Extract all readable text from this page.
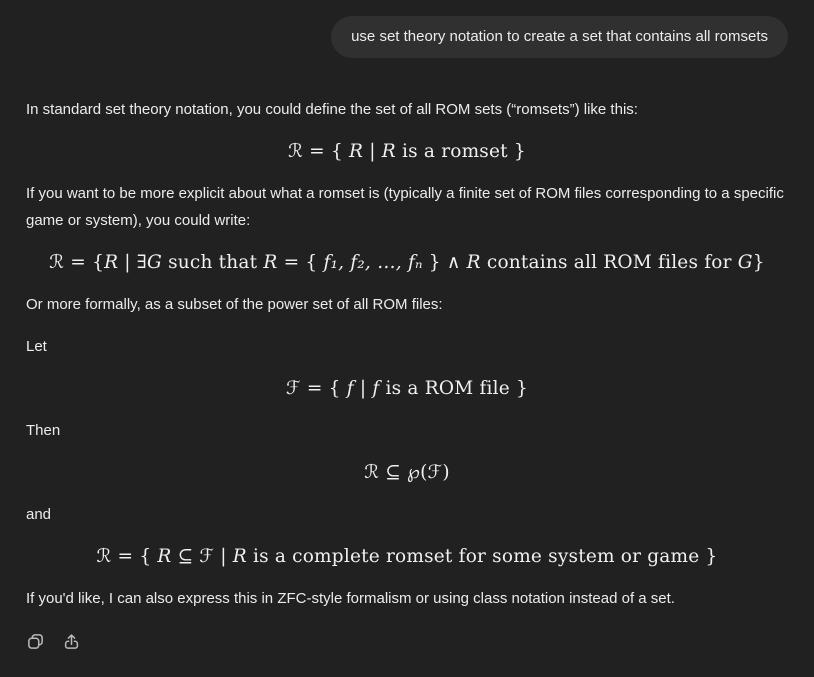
use set theory notation to create a set that contains all romsets

In standard set theory notation, you could define the set of all ROM sets (“romsets”) like this:

ℛ = { R | R is a romset }

If you want to be more explicit about what a romset is (typically a finite set of ROM files corresponding to a specific game or system), you could write:

ℛ = {R | ∃G such that R = { f₁, f₂, …, fₙ } ∧ R contains all ROM files for G}

Or more formally, as a subset of the power set of all ROM files:

Let

ℱ = { f | f is a ROM file }

Then

ℛ ⊆ ℘(ℱ)

and

ℛ = { R ⊆ ℱ | R is a complete romset for some system or game }

If you'd like, I can also express this in ZFC-style formalism or using class notation instead of a set.
